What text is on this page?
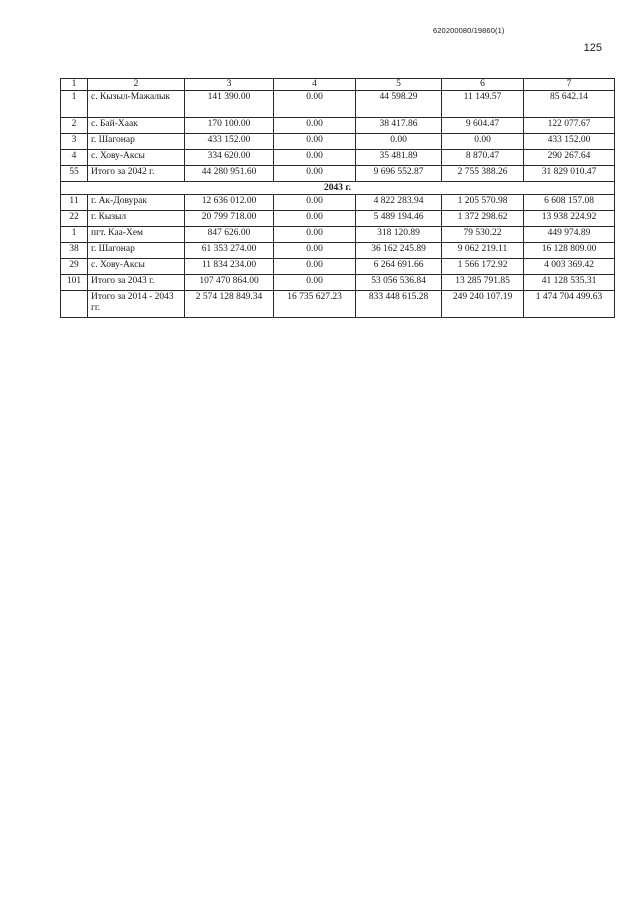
620200080/19860(1)
125
1	2	3	4	5	6	7
1	с. Кызыл-Мажалык	141 390.00	0.00	44 598.29	11 149.57	85 642.14
2	с. Бай-Хаак	170 100.00	0.00	38 417.86	9 604.47	122 077.67
3	г. Шагонар	433 152.00	0.00	0.00	0.00	433 152.00
4	с. Хову-Аксы	334 620.00	0.00	35 481.89	8 870.47	290 267.64
55	Итого за 2042 г.	44 280 951.60	0.00	9 696 552.87	2 755 388.26	31 829 010.47
2043 г.						
11	г. Ак-Довурак	12 636 012.00	0.00	4 822 283.94	1 205 570.98	6 608 157.08
22	г. Кызыл	20 799 718.00	0.00	5 489 194.46	1 372 298.62	13 938 224.92
1	пгт. Каа-Хем	847 626.00	0.00	318 120.89	79 530.22	449 974.89
38	г. Шагонар	61 353 274.00	0.00	36 162 245.89	9 062 219.11	16 128 809.00
29	с. Хову-Аксы	11 834 234.00	0.00	6 264 691.66	1 566 172.92	4 003 369.42
101	Итого за 2043 г.	107 470 864.00	0.00	53 056 536.84	13 285 791.85	41 128 535.31
	Итого за 2014 - 2043 гг.	2 574 128 849.34	16 735 627.23	833 448 615.28	249 240 107.19	1 474 704 499.63
